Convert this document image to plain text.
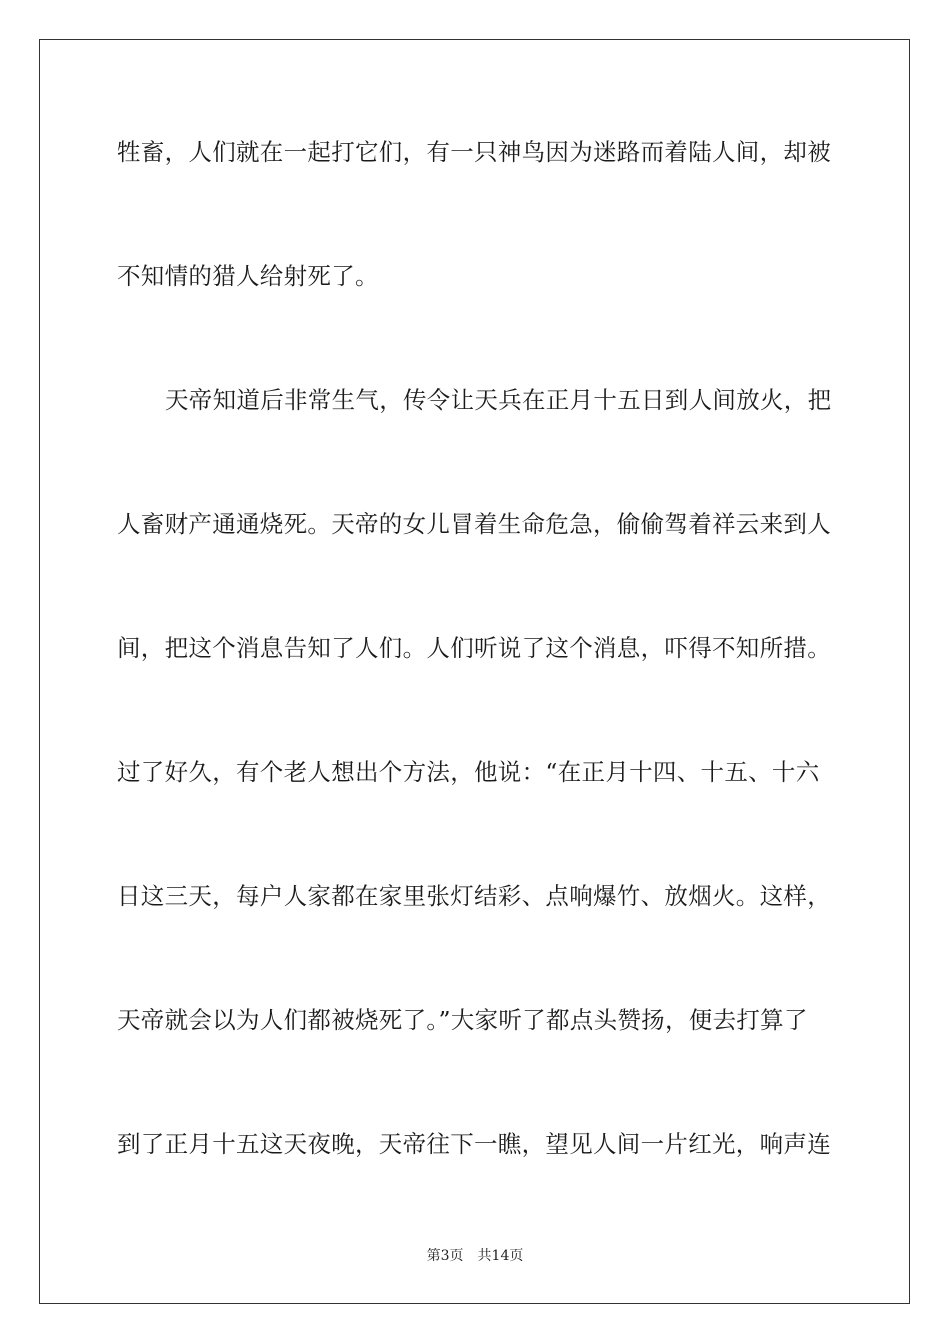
牲畜，人们就在一起打它们，有一只神鸟因为迷路而着陆人间，却被
不知情的猎人给射死了。
天帝知道后非常生气，传令让天兵在正月十五日到人间放火，把
人畜财产通通烧死。天帝的女儿冒着生命危急，偷偷驾着祥云来到人
间，把这个消息告知了人们。人们听说了这个消息，吓得不知所措。
过了好久，有个老人想出个方法，他说：“在正月十四、十五、十六
日这三天，每户人家都在家里张灯结彩、点响爆竹、放烟火。这样，
天帝就会以为人们都被烧死了。”大家听了都点头赞扬，便去打算了
到了正月十五这天夜晚，天帝往下一瞧，望见人间一片红光，响声连
第3页 共14页
